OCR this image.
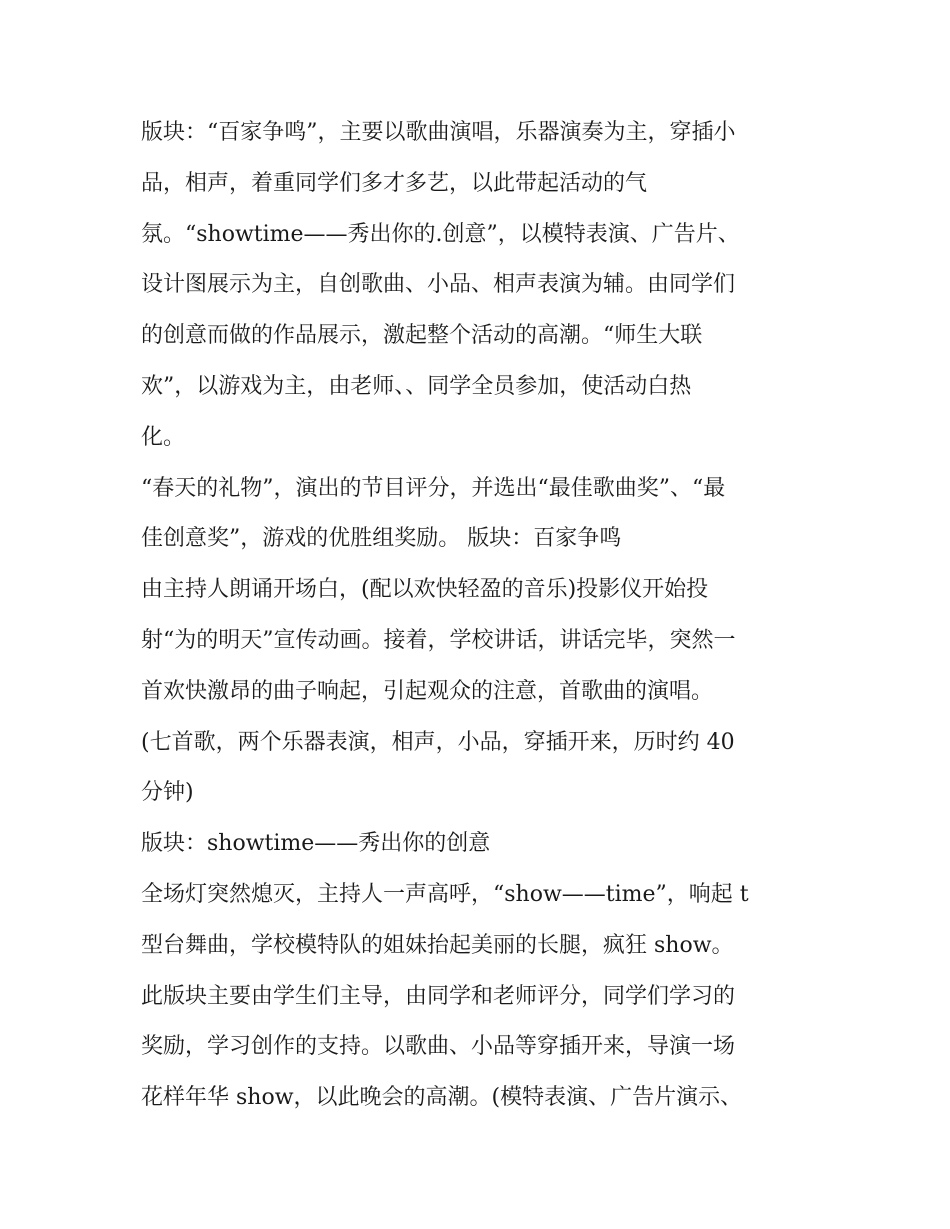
版块：“百家争鸣”，主要以歌曲演唱，乐器演奏为主，穿插小
品，相声，着重同学们多才多艺，以此带起活动的气
氛。“showtime——秀出你的.创意”，以模特表演、广告片、
设计图展示为主，自创歌曲、小品、相声表演为辅。由同学们
的创意而做的作品展示，激起整个活动的高潮。“师生大联
欢”，以游戏为主，由老师、、同学全员参加，使活动白热
化。
“春天的礼物”，演出的节目评分，并选出“最佳歌曲奖”、“最
佳创意奖”，游戏的优胜组奖励。 版块：百家争鸣
由主持人朗诵开场白，(配以欢快轻盈的音乐)投影仪开始投
射“为的明天”宣传动画。接着，学校讲话，讲话完毕，突然一
首欢快激昂的曲子响起，引起观众的注意，首歌曲的演唱。
(七首歌，两个乐器表演，相声，小品，穿插开来，历时约 40
分钟)
版块：showtime——秀出你的创意
全场灯突然熄灭，主持人一声高呼，“show——time”，响起 t
型台舞曲，学校模特队的姐妹抬起美丽的长腿，疯狂 show。
此版块主要由学生们主导，由同学和老师评分，同学们学习的
奖励，学习创作的支持。以歌曲、小品等穿插开来，导演一场
花样年华 show，以此晚会的高潮。(模特表演、广告片演示、
